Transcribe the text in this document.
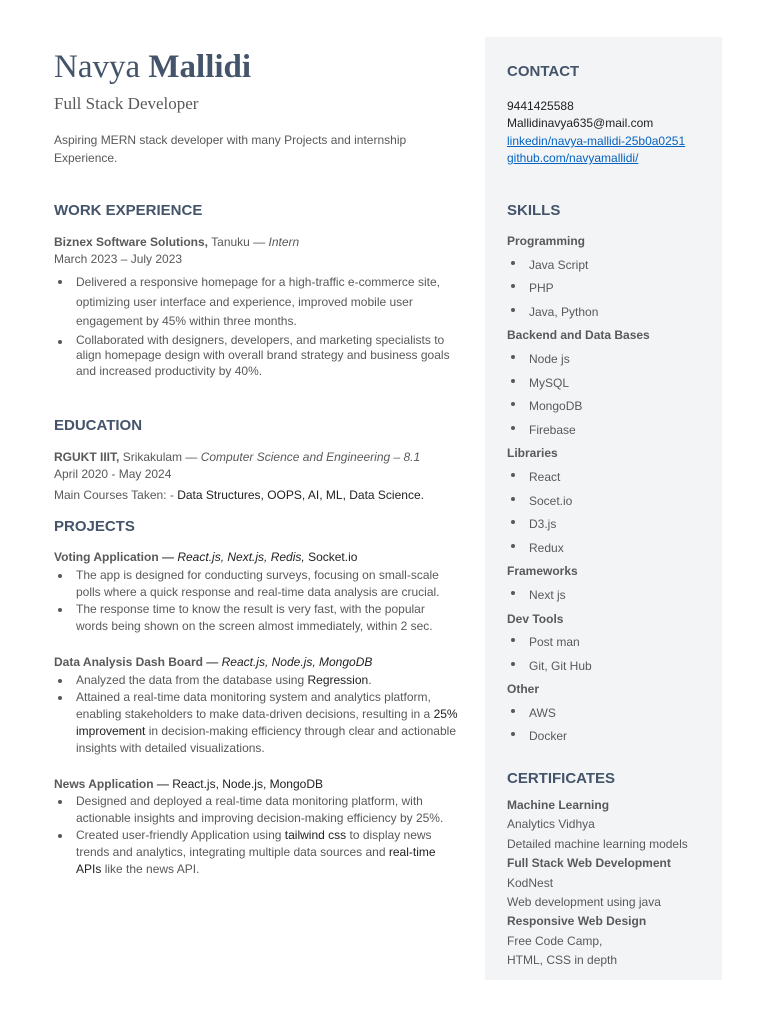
Navya Mallidi
Full Stack Developer
Aspiring MERN stack developer with many Projects and internship Experience.
WORK EXPERIENCE
Biznex Software Solutions, Tanuku — Intern
March 2023 – July 2023
Delivered a responsive homepage for a high-traffic e-commerce site, optimizing user interface and experience, improved mobile user engagement by 45% within three months.
Collaborated with designers, developers, and marketing specialists to align homepage design with overall brand strategy and business goals and increased productivity by 40%.
EDUCATION
RGUKT IIIT, Srikakulam — Computer Science and Engineering – 8.1
April 2020 - May 2024
Main Courses Taken: - Data Structures, OOPS, AI, ML, Data Science.
PROJECTS
Voting Application — React.js, Next.js, Redis, Socket.io
The app is designed for conducting surveys, focusing on small-scale polls where a quick response and real-time data analysis are crucial.
The response time to know the result is very fast, with the popular words being shown on the screen almost immediately, within 2 sec.
Data Analysis Dash Board — React.js, Node.js, MongoDB
Analyzed the data from the database using Regression.
Attained a real-time data monitoring system and analytics platform, enabling stakeholders to make data-driven decisions, resulting in a 25% improvement in decision-making efficiency through clear and actionable insights with detailed visualizations.
News Application — React.js, Node.js, MongoDB
Designed and deployed a real-time data monitoring platform, with actionable insights and improving decision-making efficiency by 25%.
Created user-friendly Application using tailwind css to display news trends and analytics, integrating multiple data sources and real-time APIs like the news API.
CONTACT
9441425588
Mallidinavya635@mail.com
linkedin/navya-mallidi-25b0a0251
github.com/navyamallidi/
SKILLS
Programming
Java Script
PHP
Java, Python
Backend and Data Bases
Node js
MySQL
MongoDB
Firebase
Libraries
React
Socet.io
D3.js
Redux
Frameworks
Next js
Dev Tools
Post man
Git, Git Hub
Other
AWS
Docker
CERTIFICATES
Machine Learning
Analytics Vidhya
Detailed machine learning models
Full Stack Web Development
KodNest
Web development using java
Responsive Web Design
Free Code Camp,
HTML, CSS in depth
